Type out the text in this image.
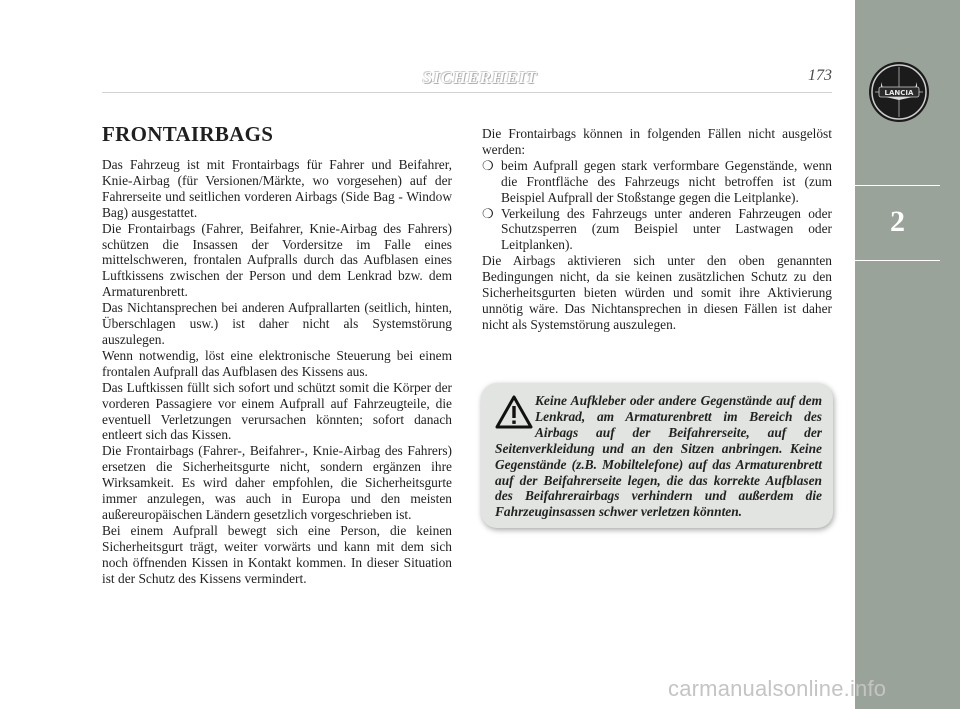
LANCIA
2
SICHERHEIT	173
FRONTAIRBAGS

Das Fahrzeug ist mit Frontairbags für Fahrer und Beifahrer, Knie-Airbag (für Versionen/Märkte, wo vorgesehen) auf der Fahrerseite und seitlichen vorderen Airbags (Side Bag - Window Bag) ausgestattet.

Die Frontairbags (Fahrer, Beifahrer, Knie-Airbag des Fahrers) schützen die Insassen der Vordersitze im Falle eines mittelschweren, frontalen Aufpralls durch das Aufblasen eines Luftkissens zwischen der Person und dem Lenkrad bzw. dem Armaturenbrett.

Das Nichtansprechen bei anderen Aufprallarten (seitlich, hinten, Überschlagen usw.) ist daher nicht als Systemstörung auszulegen.

Wenn notwendig, löst eine elektronische Steuerung bei einem frontalen Aufprall das Aufblasen des Kissens aus.

Das Luftkissen füllt sich sofort und schützt somit die Körper der vorderen Passagiere vor einem Aufprall auf Fahrzeugteile, die eventuell Verletzungen verursachen könnten; sofort danach entleert sich das Kissen.

Die Frontairbags (Fahrer-, Beifahrer-, Knie-Airbag des Fahrers) ersetzen die Sicherheitsgurte nicht, sondern ergänzen ihre Wirksamkeit. Es wird daher empfohlen, die Sicherheitsgurte immer anzulegen, was auch in Europa und den meisten außereuropäischen Ländern gesetzlich vorgeschrieben ist.

Bei einem Aufprall bewegt sich eine Person, die keinen Sicherheitsgurt trägt, weiter vorwärts und kann mit dem sich noch öffnenden Kissen in Kontakt kommen. In dieser Situation ist der Schutz des Kissens vermindert.

Die Frontairbags können in folgenden Fällen nicht ausgelöst werden:

❍ beim Aufprall gegen stark verformbare Gegenstände, wenn die Frontfläche des Fahrzeugs nicht betroffen ist (zum Beispiel Aufprall der Stoßstange gegen die Leitplanke).

❍ Verkeilung des Fahrzeugs unter anderen Fahrzeugen oder Schutzsperren (zum Beispiel unter Lastwagen oder Leitplanken).

Die Airbags aktivieren sich unter den oben genannten Bedingungen nicht, da sie keinen zusätzlichen Schutz zu den Sicherheitsgurten bieten würden und somit ihre Aktivierung unnötig wäre. Das Nichtansprechen in diesen Fällen ist daher nicht als Systemstörung auszulegen.

Keine Aufkleber oder andere Gegenstände auf dem Lenkrad, am Armaturenbrett im Bereich des Airbags auf der Beifahrerseite, auf der Seitenverkleidung und an den Sitzen anbringen. Keine Gegenstände (z.B. Mobiltelefone) auf das Armaturenbrett auf der Beifahrerseite legen, die das korrekte Aufblasen des Beifahrerairbags verhindern und außerdem die Fahrzeuginsassen schwer verletzen könnten.
carmanualsonline.info
